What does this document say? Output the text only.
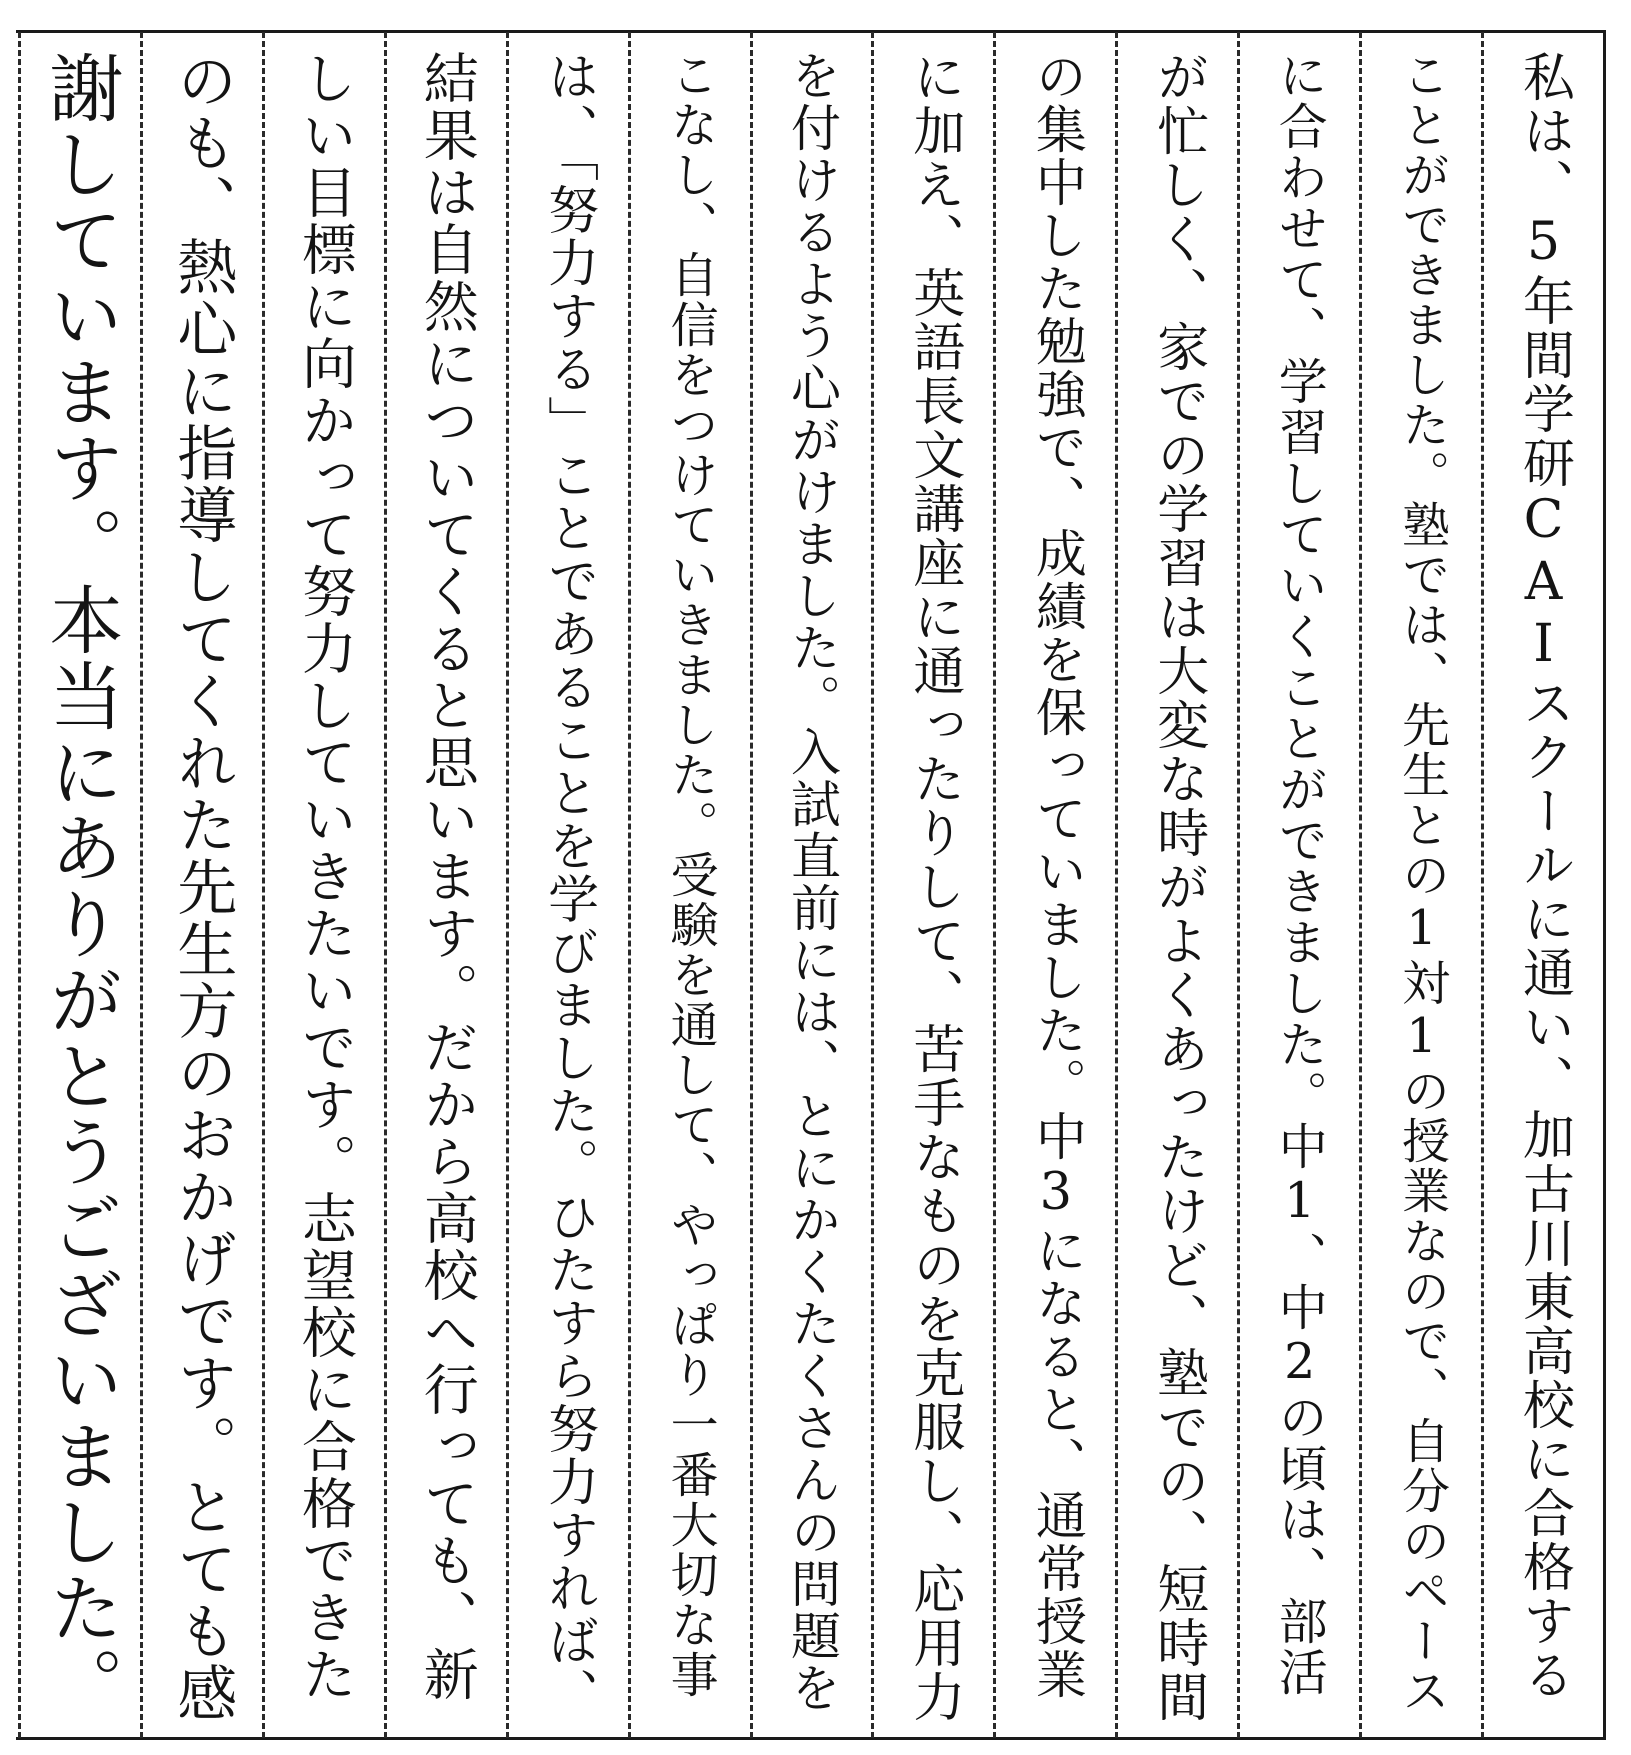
私は、5年間学研CAIスクールに通い、加古川東高校に合格する
ことができました。塾では、先生との1対1の授業なので、自分のペース
に合わせて、学習していくことができました。中1、中2の頃は、部活
が忙しく、家での学習は大変な時がよくあったけど、塾での、短時間
の集中した勉強で、成績を保っていました。中3になると、通常授業
に加え、英語長文講座に通ったりして、苦手なものを克服し、応用力
を付けるよう心がけました。入試直前には、とにかくたくさんの問題を
こなし、自信をつけていきました。受験を通して、やっぱり一番大切な事
は、「努力する」ことであることを学びました。ひたすら努力すれば、
結果は自然についてくると思います。だから高校へ行っても、新
しい目標に向かって努力していきたいです。志望校に合格できた
のも、熱心に指導してくれた先生方のおかげです。とても感
謝しています。本当にありがとうございました。
